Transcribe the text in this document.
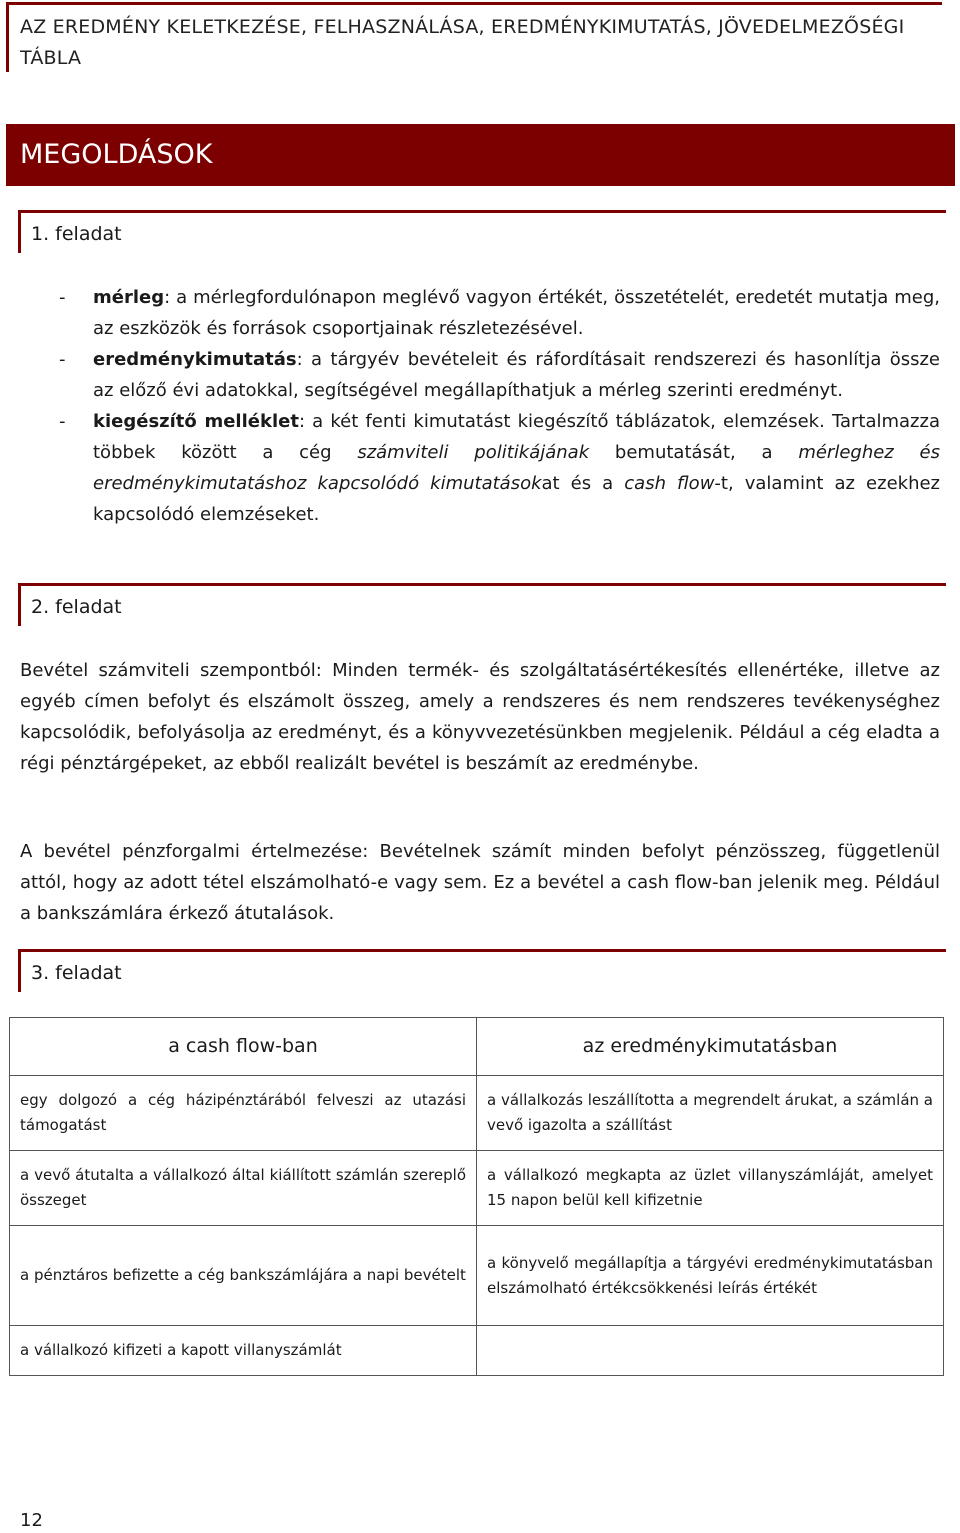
AZ EREDMÉNY KELETKEZÉSE, FELHASZNÁLÁSA, EREDMÉNYKIMUTATÁS, JÖVEDELMEZŐSÉGI TÁBLA
MEGOLDÁSOK
1. feladat
- mérleg: a mérlegfordulónapon meglévő vagyon értékét, összetételét, eredetét mutatja meg, az eszközök és források csoportjainak részletezésével.
- eredménykimutatás: a tárgyév bevételeit és ráfordításait rendszerezi és hasonlítja össze az előző évi adatokkal, segítségével megállapíthatjuk a mérleg szerinti eredményt.
- kiegészítő melléklet: a két fenti kimutatást kiegészítő táblázatok, elemzések. Tartalmazza többek között a cég számviteli politikájának bemutatását, a mérleghez és eredménykimutatáshoz kapcsolódó kimutatásokat és a cash flow-t, valamint az ezekhez kapcsolódó elemzéseket.
2. feladat
Bevétel számviteli szempontból: Minden termék- és szolgáltatásértékesítés ellenértéke, illetve az egyéb címen befolyt és elszámolt összeg, amely a rendszeres és nem rendszeres tevékenységhez kapcsolódik, befolyásolja az eredményt, és a könyvvezetésünkben megjelenik. Például a cég eladta a régi pénztárgépeket, az ebből realizált bevétel is beszámít az eredménybe.
A bevétel pénzforgalmi értelmezése: Bevételnek számít minden befolyt pénzösszeg, függetlenül attól, hogy az adott tétel elszámolható-e vagy sem. Ez a bevétel a cash flow-ban jelenik meg. Például a bankszámlára érkező átutalások.
3. feladat
a cash flow-ban	az eredménykimutatásban
egy dolgozó a cég házipénztárából felveszi az utazási támogatást	a vállalkozás leszállította a megrendelt árukat, a számlán a vevő igazolta a szállítást
a vevő átutalta a vállalkozó által kiállított számlán szereplő összeget	a vállalkozó megkapta az üzlet villanyszámláját, amelyet 15 napon belül kell kifizetnie
a pénztáros befizette a cég bankszámlájára a napi bevételt	a könyvelő megállapítja a tárgyévi eredménykimutatásban elszámolható értékcsökkenési leírás értékét
a vállalkozó kifizeti a kapott villanyszámlát	
12
